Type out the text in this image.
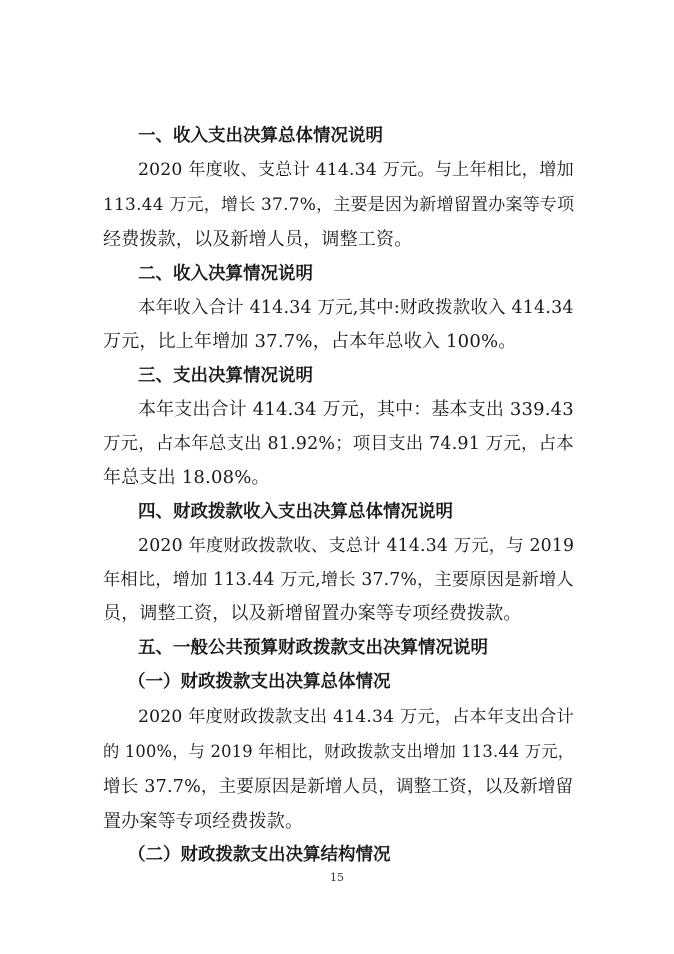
一、收入支出决算总体情况说明
2020 年度收、支总计 414.34 万元。与上年相比，增加
113.44 万元，增长 37.7%，主要是因为新增留置办案等专项
经费拨款，以及新增人员，调整工资。
二、收入决算情况说明
本年收入合计 414.34 万元,其中:财政拨款收入 414.34
万元，比上年增加 37.7%，占本年总收入 100%。
三、支出决算情况说明
本年支出合计 414.34 万元，其中：基本支出 339.43
万元，占本年总支出 81.92%；项目支出 74.91 万元，占本
年总支出 18.08%。
四、财政拨款收入支出决算总体情况说明
2020 年度财政拨款收、支总计 414.34 万元，与 2019
年相比，增加 113.44 万元,增长 37.7%，主要原因是新增人
员，调整工资，以及新增留置办案等专项经费拨款。
五、一般公共预算财政拨款支出决算情况说明
（一）财政拨款支出决算总体情况
2020 年度财政拨款支出 414.34 万元，占本年支出合计
的 100%，与 2019 年相比，财政拨款支出增加 113.44 万元，
增长 37.7%，主要原因是新增人员，调整工资，以及新增留
置办案等专项经费拨款。
（二）财政拨款支出决算结构情况
15
